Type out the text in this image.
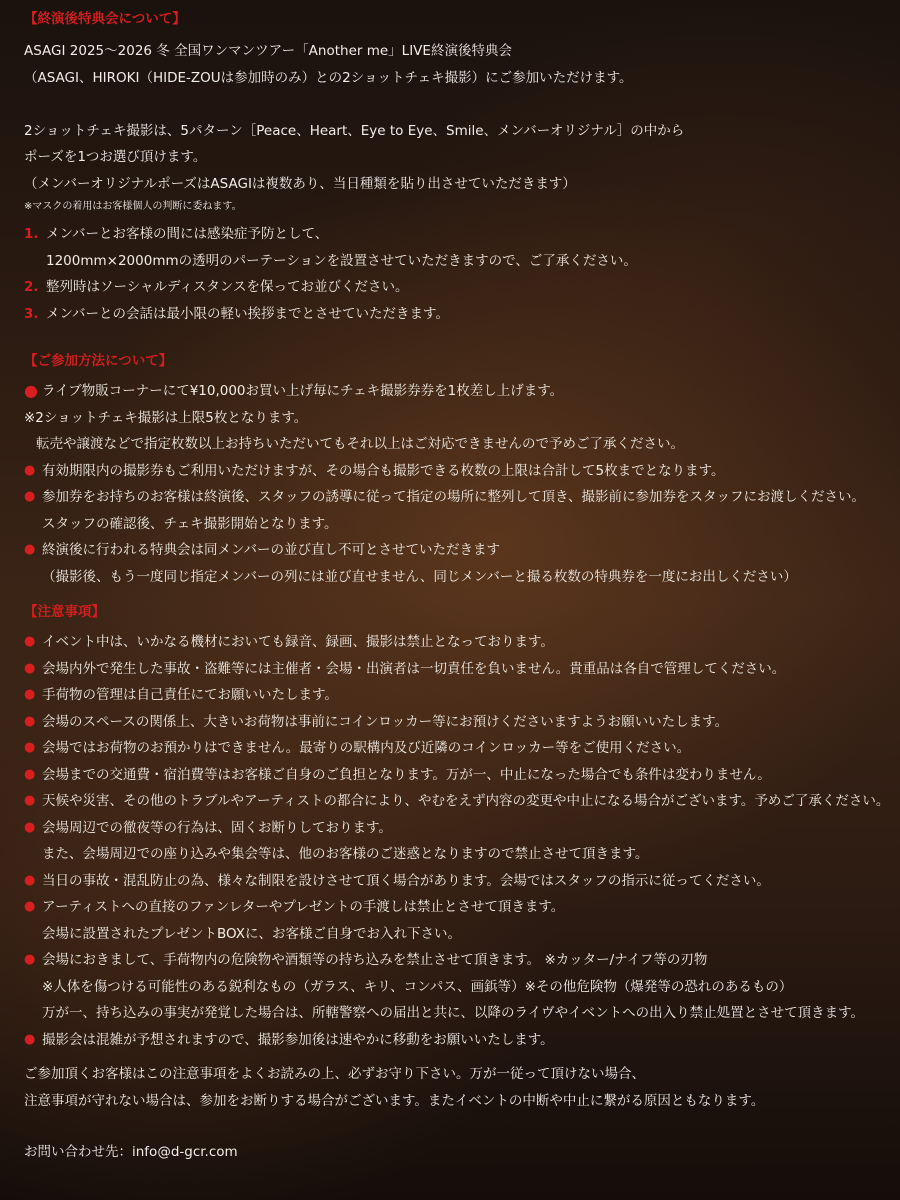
【終演後特典会について】
ASAGI 2025～2026 冬 全国ワンマンツアー「Another me」LIVE終演後特典会
（ASAGI、HIROKI（HIDE-ZOUは参加時のみ）との2ショットチェキ撮影）にご参加いただけます。
2ショットチェキ撮影は、5パターン［Peace、Heart、Eye to Eye、Smile、メンバーオリジナル］の中から
ポーズを1つお選び頂けます。
（メンバーオリジナルポーズはASAGIは複数あり、当日種類を貼り出させていただきます）
※マスクの着用はお客様個人の判断に委ねます。
1. メンバーとお客様の間には感染症予防として、
1200mm×2000mmの透明のパーテーションを設置させていただきますので、ご了承ください。
2. 整列時はソーシャルディスタンスを保ってお並びください。
3. メンバーとの会話は最小限の軽い挨拶までとさせていただきます。
【ご参加方法について】
● ライブ物販コーナーにて¥10,000お買い上げ毎にチェキ撮影券券を1枚差し上げます。
※2ショットチェキ撮影は上限5枚となります。
転売や譲渡などで指定枚数以上お持ちいただいてもそれ以上はご対応できませんので予めご了承ください。
● 有効期限内の撮影券もご利用いただけますが、その場合も撮影できる枚数の上限は合計して5枚までとなります。
● 参加券をお持ちのお客様は終演後、スタッフの誘導に従って指定の場所に整列して頂き、撮影前に参加券をスタッフにお渡しください。
スタッフの確認後、チェキ撮影開始となります。
● 終演後に行われる特典会は同メンバーの並び直し不可とさせていただきます
（撮影後、もう一度同じ指定メンバーの列には並び直せません、同じメンバーと撮る枚数の特典券を一度にお出しください）
【注意事項】
● イベント中は、いかなる機材においても録音、録画、撮影は禁止となっております。
● 会場内外で発生した事故・盗難等には主催者・会場・出演者は一切責任を負いません。貴重品は各自で管理してください。
● 手荷物の管理は自己責任にてお願いいたします。
● 会場のスペースの関係上、大きいお荷物は事前にコインロッカー等にお預けくださいますようお願いいたします。
● 会場ではお荷物のお預かりはできません。最寄りの駅構内及び近隣のコインロッカー等をご使用ください。
● 会場までの交通費・宿泊費等はお客様ご自身のご負担となります。万が一、中止になった場合でも条件は変わりません。
● 天候や災害、その他のトラブルやアーティストの都合により、やむをえず内容の変更や中止になる場合がございます。予めご了承ください。
● 会場周辺での徹夜等の行為は、固くお断りしております。
また、会場周辺での座り込みや集会等は、他のお客様のご迷惑となりますので禁止させて頂きます。
● 当日の事故・混乱防止の為、様々な制限を設けさせて頂く場合があります。会場ではスタッフの指示に従ってください。
● アーティストへの直接のファンレターやプレゼントの手渡しは禁止とさせて頂きます。
会場に設置されたプレゼントBOXに、お客様ご自身でお入れ下さい。
● 会場におきまして、手荷物内の危険物や酒類等の持ち込みを禁止させて頂きます。 ※カッター/ナイフ等の刃物
※人体を傷つける可能性のある鋭利なもの（ガラス、キリ、コンパス、画鋲等）※その他危険物（爆発等の恐れのあるもの）
万が一、持ち込みの事実が発覚した場合は、所轄警察への届出と共に、以降のライヴやイベントへの出入り禁止処置とさせて頂きます。
● 撮影会は混雑が予想されますので、撮影参加後は速やかに移動をお願いいたします。
ご参加頂くお客様はこの注意事項をよくお読みの上、必ずお守り下さい。万が一従って頂けない場合、
注意事項が守れない場合は、参加をお断りする場合がございます。またイベントの中断や中止に繋がる原因ともなります。
お問い合わせ先：info@d-gcr.com
